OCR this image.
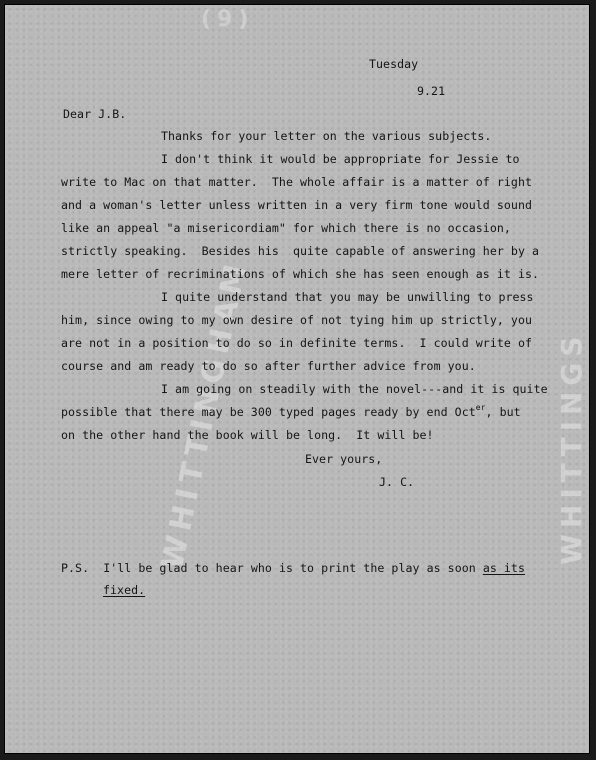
(9)
WHITTINGHAM	WHITTINGS
Tuesday
9.21
Dear J.B.
Thanks for your letter on the various subjects.
I don't think it would be appropriate for Jessie to
write to Mac on that matter.  The whole affair is a matter of right
and a woman's letter unless written in a very firm tone would sound
like an appeal "a misericordiam" for which there is no occasion,
strictly speaking.  Besides his  quite capable of answering her by a
mere letter of recriminations of which she has seen enough as it is.
I quite understand that you may be unwilling to press
him, since owing to my own desire of not tying him up strictly, you
are not in a position to do so in definite terms.  I could write of
course and am ready to do so after further advice from you.
I am going on steadily with the novel---and it is quite
possible that there may be 300 typed pages ready by end Oct$^{er}$, but
on the other hand the book will be long.  It will be!
Ever yours,
J. C.
P.S. I'll be glad to hear who is to print the play as soon as its
fixed.
